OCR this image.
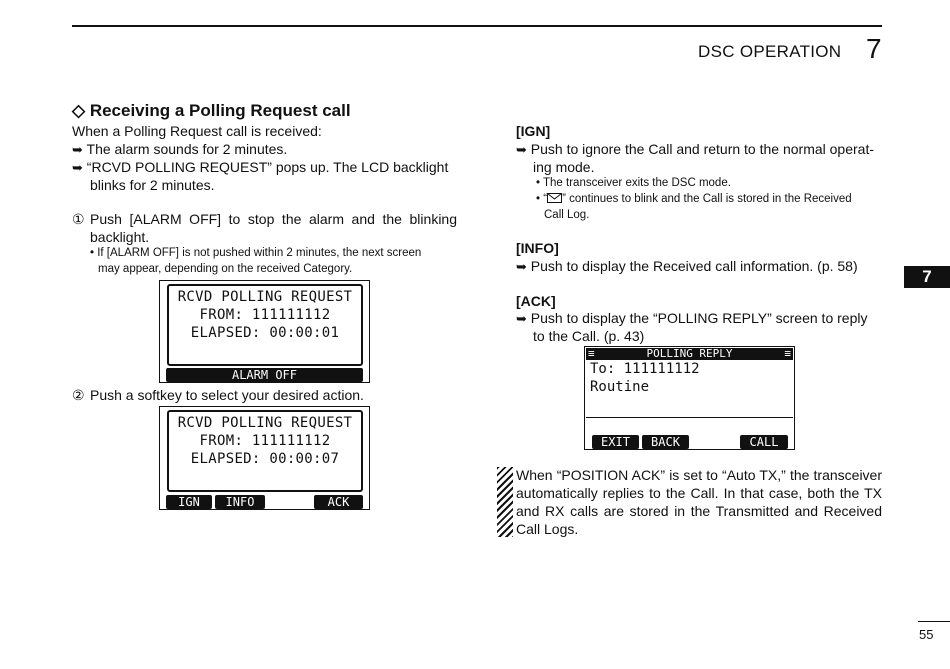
DSC OPERATION 7
7
55
◇ Receiving a Polling Request call
When a Polling Request call is received:
➥ The alarm sounds for 2 minutes.
➥ “RCVD POLLING REQUEST” pops up. The LCD backlight
blinks for 2 minutes.
① Push [ALARM OFF] to stop the alarm and the blinking
backlight.
• If [ALARM OFF] is not pushed within 2 minutes, the next screen
may appear, depending on the received Category.
RCVD POLLING REQUEST
FROM: 111111112
ELAPSED: 00:00:01
ALARM OFF
② Push a softkey to select your desired action.
RCVD POLLING REQUEST
FROM: 111111112
ELAPSED: 00:00:07
IGN	INFO	ACK
[IGN]
➥ Push to ignore the Call and return to the normal operat-
ing mode.
• The transceiver exits the DSC mode.
• “ ” continues to blink and the Call is stored in the Received
Call Log.
[INFO]
➥ Push to display the Received call information. (p. 58)
[ACK]
➥ Push to display the “POLLING REPLY” screen to reply
to the Call. (p. 43)
≡	POLLING REPLY	≡
To: 111111112
Routine
EXIT	BACK	CALL
When “POSITION ACK” is set to “Auto TX,” the transceiver
automatically replies to the Call. In that case, both the TX
and RX calls are stored in the Transmitted and Received
Call Logs.
